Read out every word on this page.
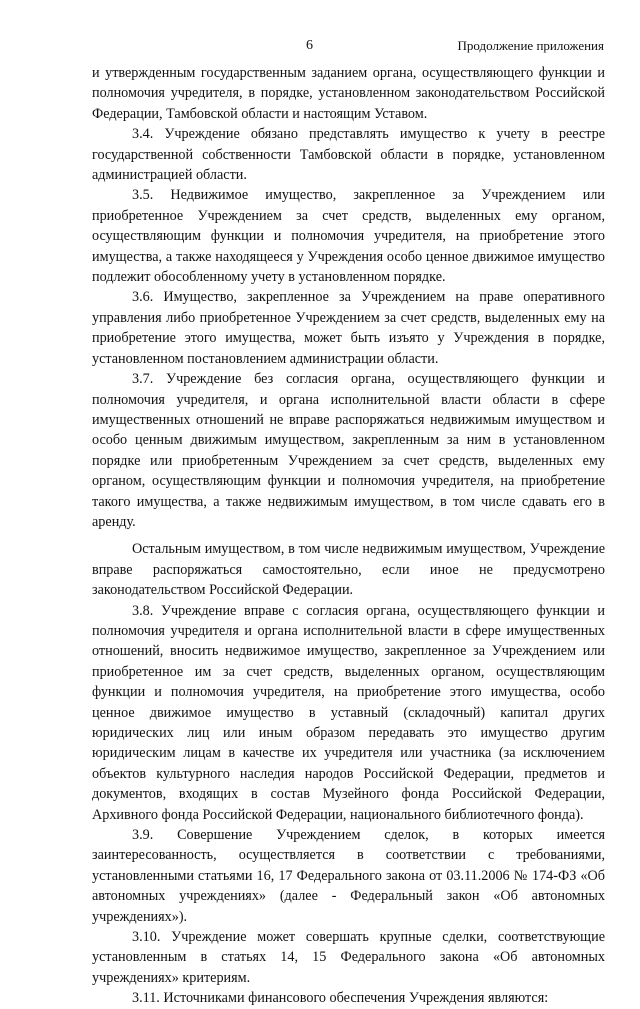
6	Продолжение приложения

и утвержденным государственным заданием органа, осуществляющего функции и полномочия учредителя, в порядке, установленном законодательством Российской Федерации, Тамбовской области и настоящим Уставом.

3.4. Учреждение обязано представлять имущество к учету в реестре государственной собственности Тамбовской области в порядке, установленном администрацией области.

3.5. Недвижимое имущество, закрепленное за Учреждением или приобретенное Учреждением за счет средств, выделенных ему органом, осуществляющим функции и полномочия учредителя, на приобретение этого имущества, а также находящееся у Учреждения особо ценное движимое имущество подлежит обособленному учету в установленном порядке.

3.6. Имущество, закрепленное за Учреждением на праве оперативного управления либо приобретенное Учреждением за счет средств, выделенных ему на приобретение этого имущества, может быть изъято у Учреждения в порядке, установленном постановлением администрации области.

3.7. Учреждение без согласия органа, осуществляющего функции и полномочия учредителя, и органа исполнительной власти области в сфере имущественных отношений не вправе распоряжаться недвижимым имуществом и особо ценным движимым имуществом, закрепленным за ним в установленном порядке или приобретенным Учреждением за счет средств, выделенных ему органом, осуществляющим функции и полномочия учредителя, на приобретение такого имущества, а также недвижимым имуществом, в том числе сдавать его в аренду.

Остальным имуществом, в том числе недвижимым имуществом, Учреждение вправе распоряжаться самостоятельно, если иное не предусмотрено законодательством Российской Федерации.

3.8. Учреждение вправе с согласия органа, осуществляющего функции и полномочия учредителя и органа исполнительной власти в сфере имущественных отношений, вносить недвижимое имущество, закрепленное за Учреждением или приобретенное им за счет средств, выделенных органом, осуществляющим функции и полномочия учредителя, на приобретение этого имущества, особо ценное движимое имущество в уставный (складочный) капитал других юридических лиц или иным образом передавать это имущество другим юридическим лицам в качестве их учредителя или участника (за исключением объектов культурного наследия народов Российской Федерации, предметов и документов, входящих в состав Музейного фонда Российской Федерации, Архивного фонда Российской Федерации, национального библиотечного фонда).

3.9. Совершение Учреждением сделок, в которых имеется заинтересованность, осуществляется в соответствии с требованиями, установленными статьями 16, 17 Федерального закона от 03.11.2006 № 174-ФЗ «Об автономных учреждениях» (далее - Федеральный закон «Об автономных учреждениях»).

3.10. Учреждение может совершать крупные сделки, соответствующие установленным в статьях 14, 15 Федерального закона «Об автономных учреждениях» критериям.

3.11. Источниками финансового обеспечения Учреждения являются:
